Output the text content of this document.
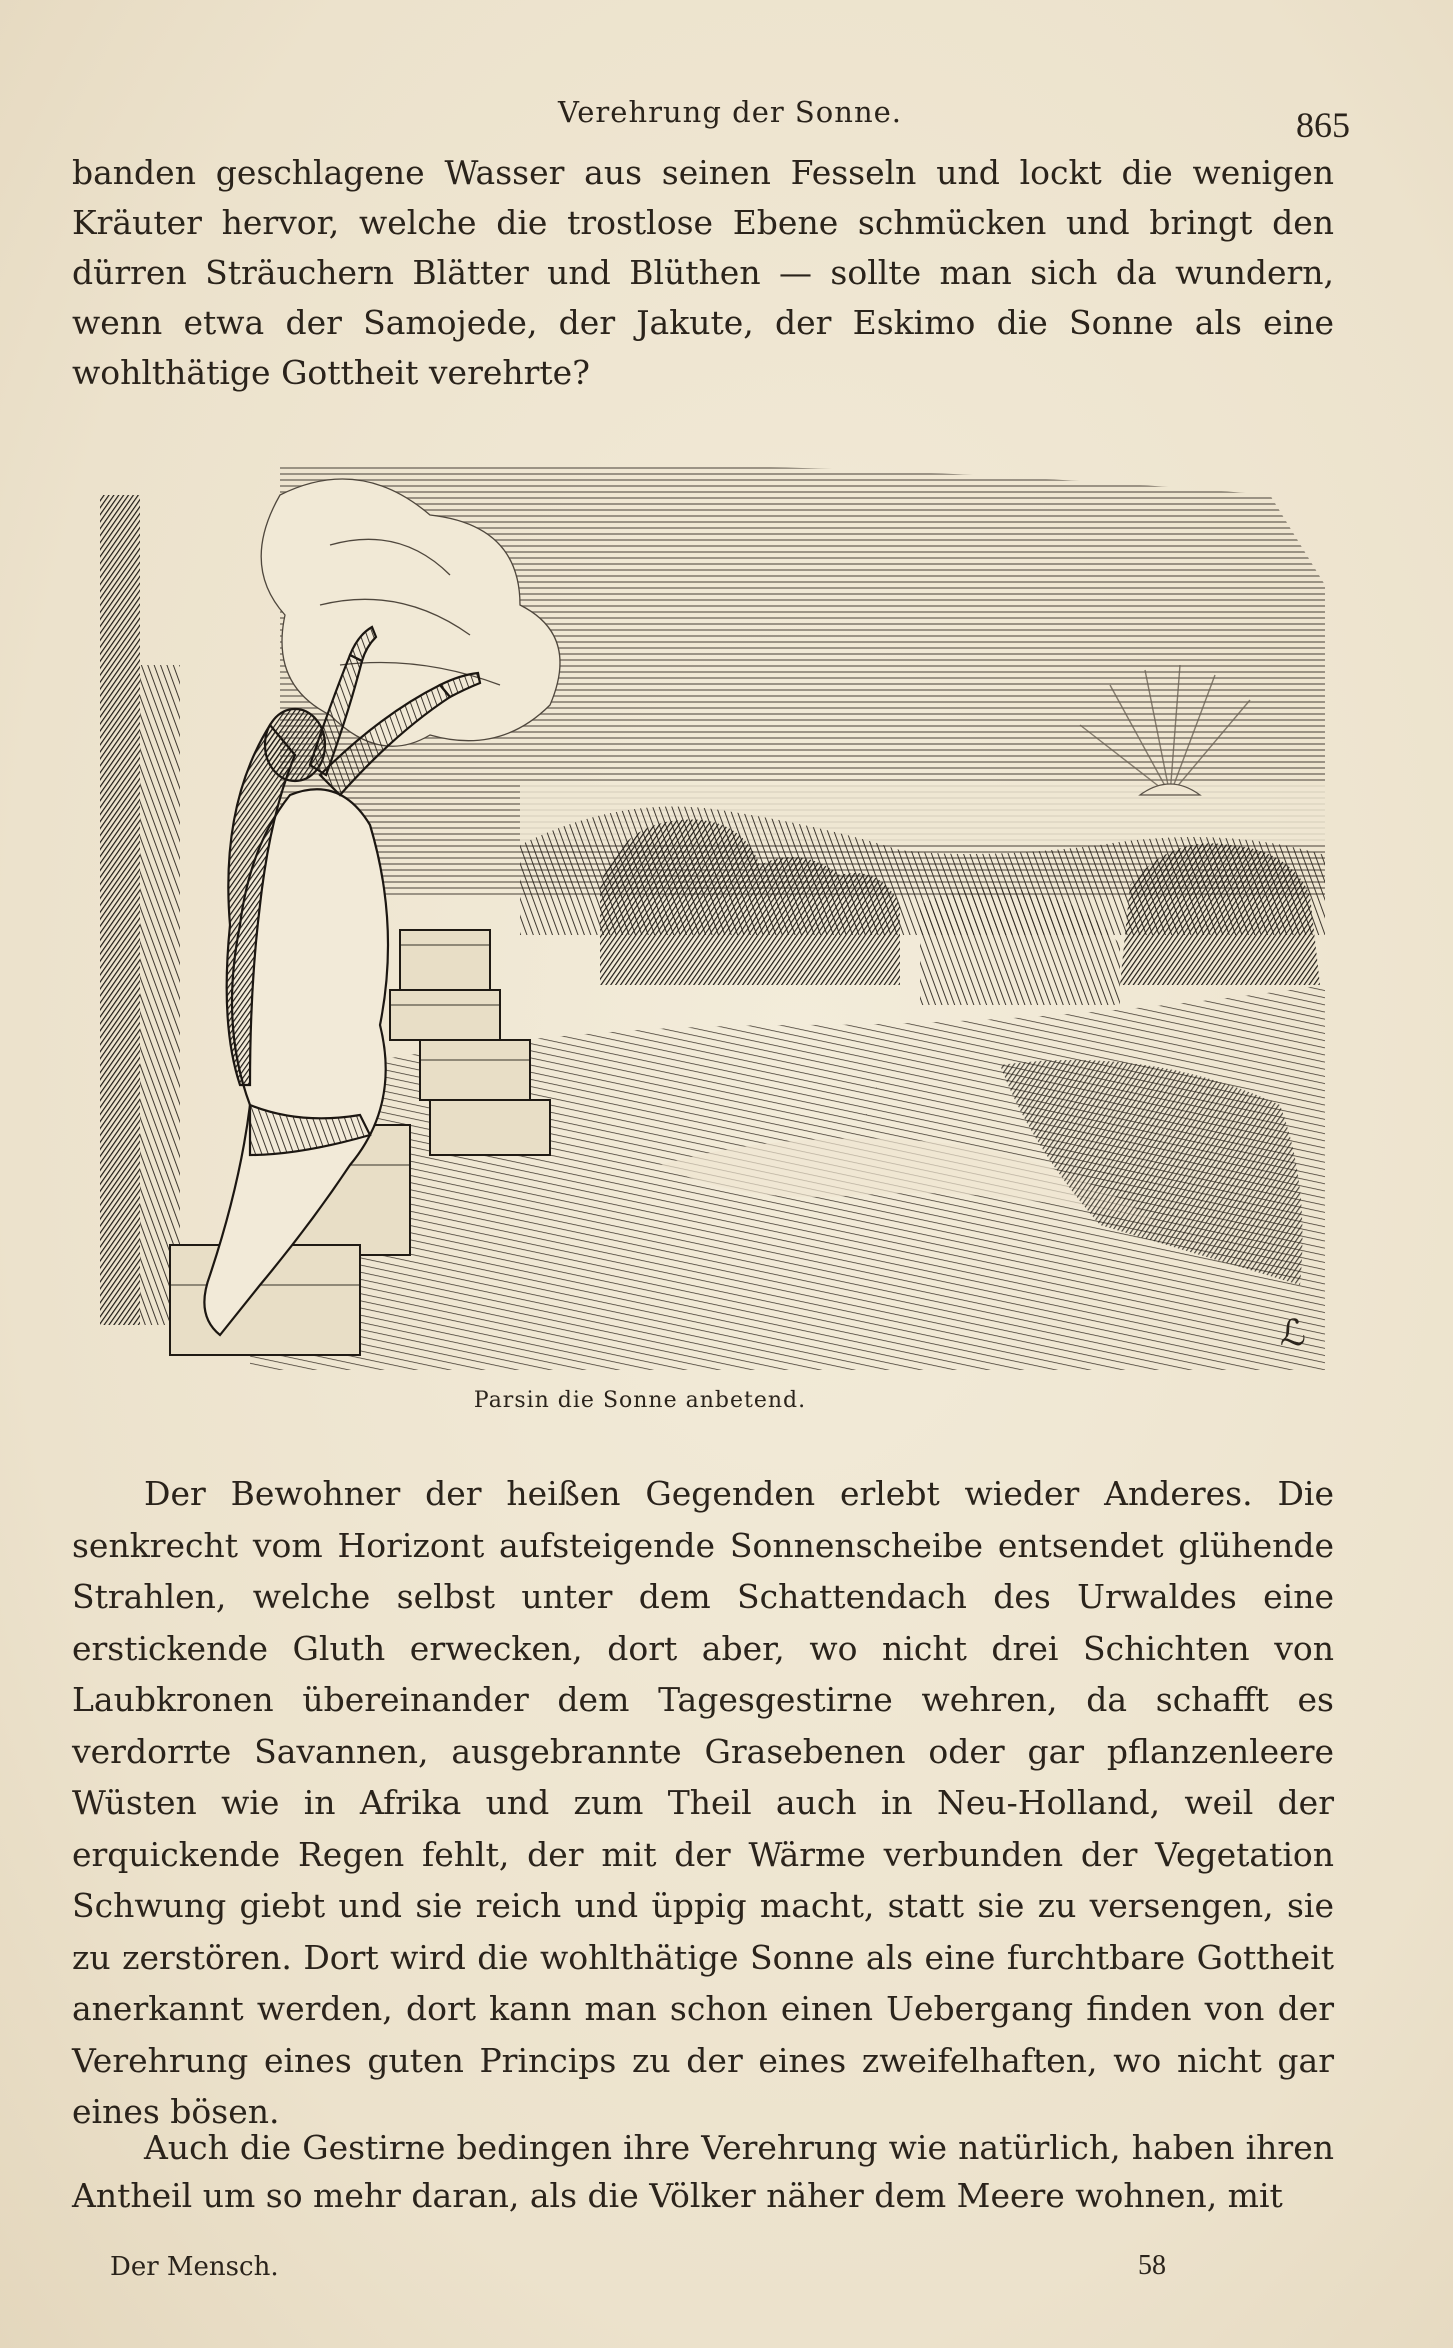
Verehrung der Sonne.	865
banden geschlagene Wasser aus seinen Fesseln und lockt die wenigen Kräuter hervor, welche die trostlose Ebene schmücken und bringt den dürren Sträuchern Blätter und Blüthen — sollte man sich da wundern, wenn etwa der Samojede, der Jakute, der Eskimo die Sonne als eine wohlthätige Gottheit verehrte?
ℒ
Parsin die Sonne anbetend.
Der Bewohner der heißen Gegenden erlebt wieder Anderes. Die senkrecht vom Horizont aufsteigende Sonnenscheibe entsendet glühende Strahlen, welche selbst unter dem Schattendach des Urwaldes eine erstickende Gluth erwecken, dort aber, wo nicht drei Schichten von Laubkronen übereinander dem Tagesgestirne wehren, da schafft es verdorrte Savannen, ausgebrannte Grasebenen oder gar pflanzenleere Wüsten wie in Afrika und zum Theil auch in Neu-Holland, weil der erquickende Regen fehlt, der mit der Wärme verbunden der Vegetation Schwung giebt und sie reich und üppig macht, statt sie zu versengen, sie zu zerstören. Dort wird die wohlthätige Sonne als eine furchtbare Gottheit anerkannt werden, dort kann man schon einen Uebergang finden von der Verehrung eines guten Princips zu der eines zweifelhaften, wo nicht gar eines bösen.
Auch die Gestirne bedingen ihre Verehrung wie natürlich, haben ihren Antheil um so mehr daran, als die Völker näher dem Meere wohnen, mit
Der Mensch.	58
